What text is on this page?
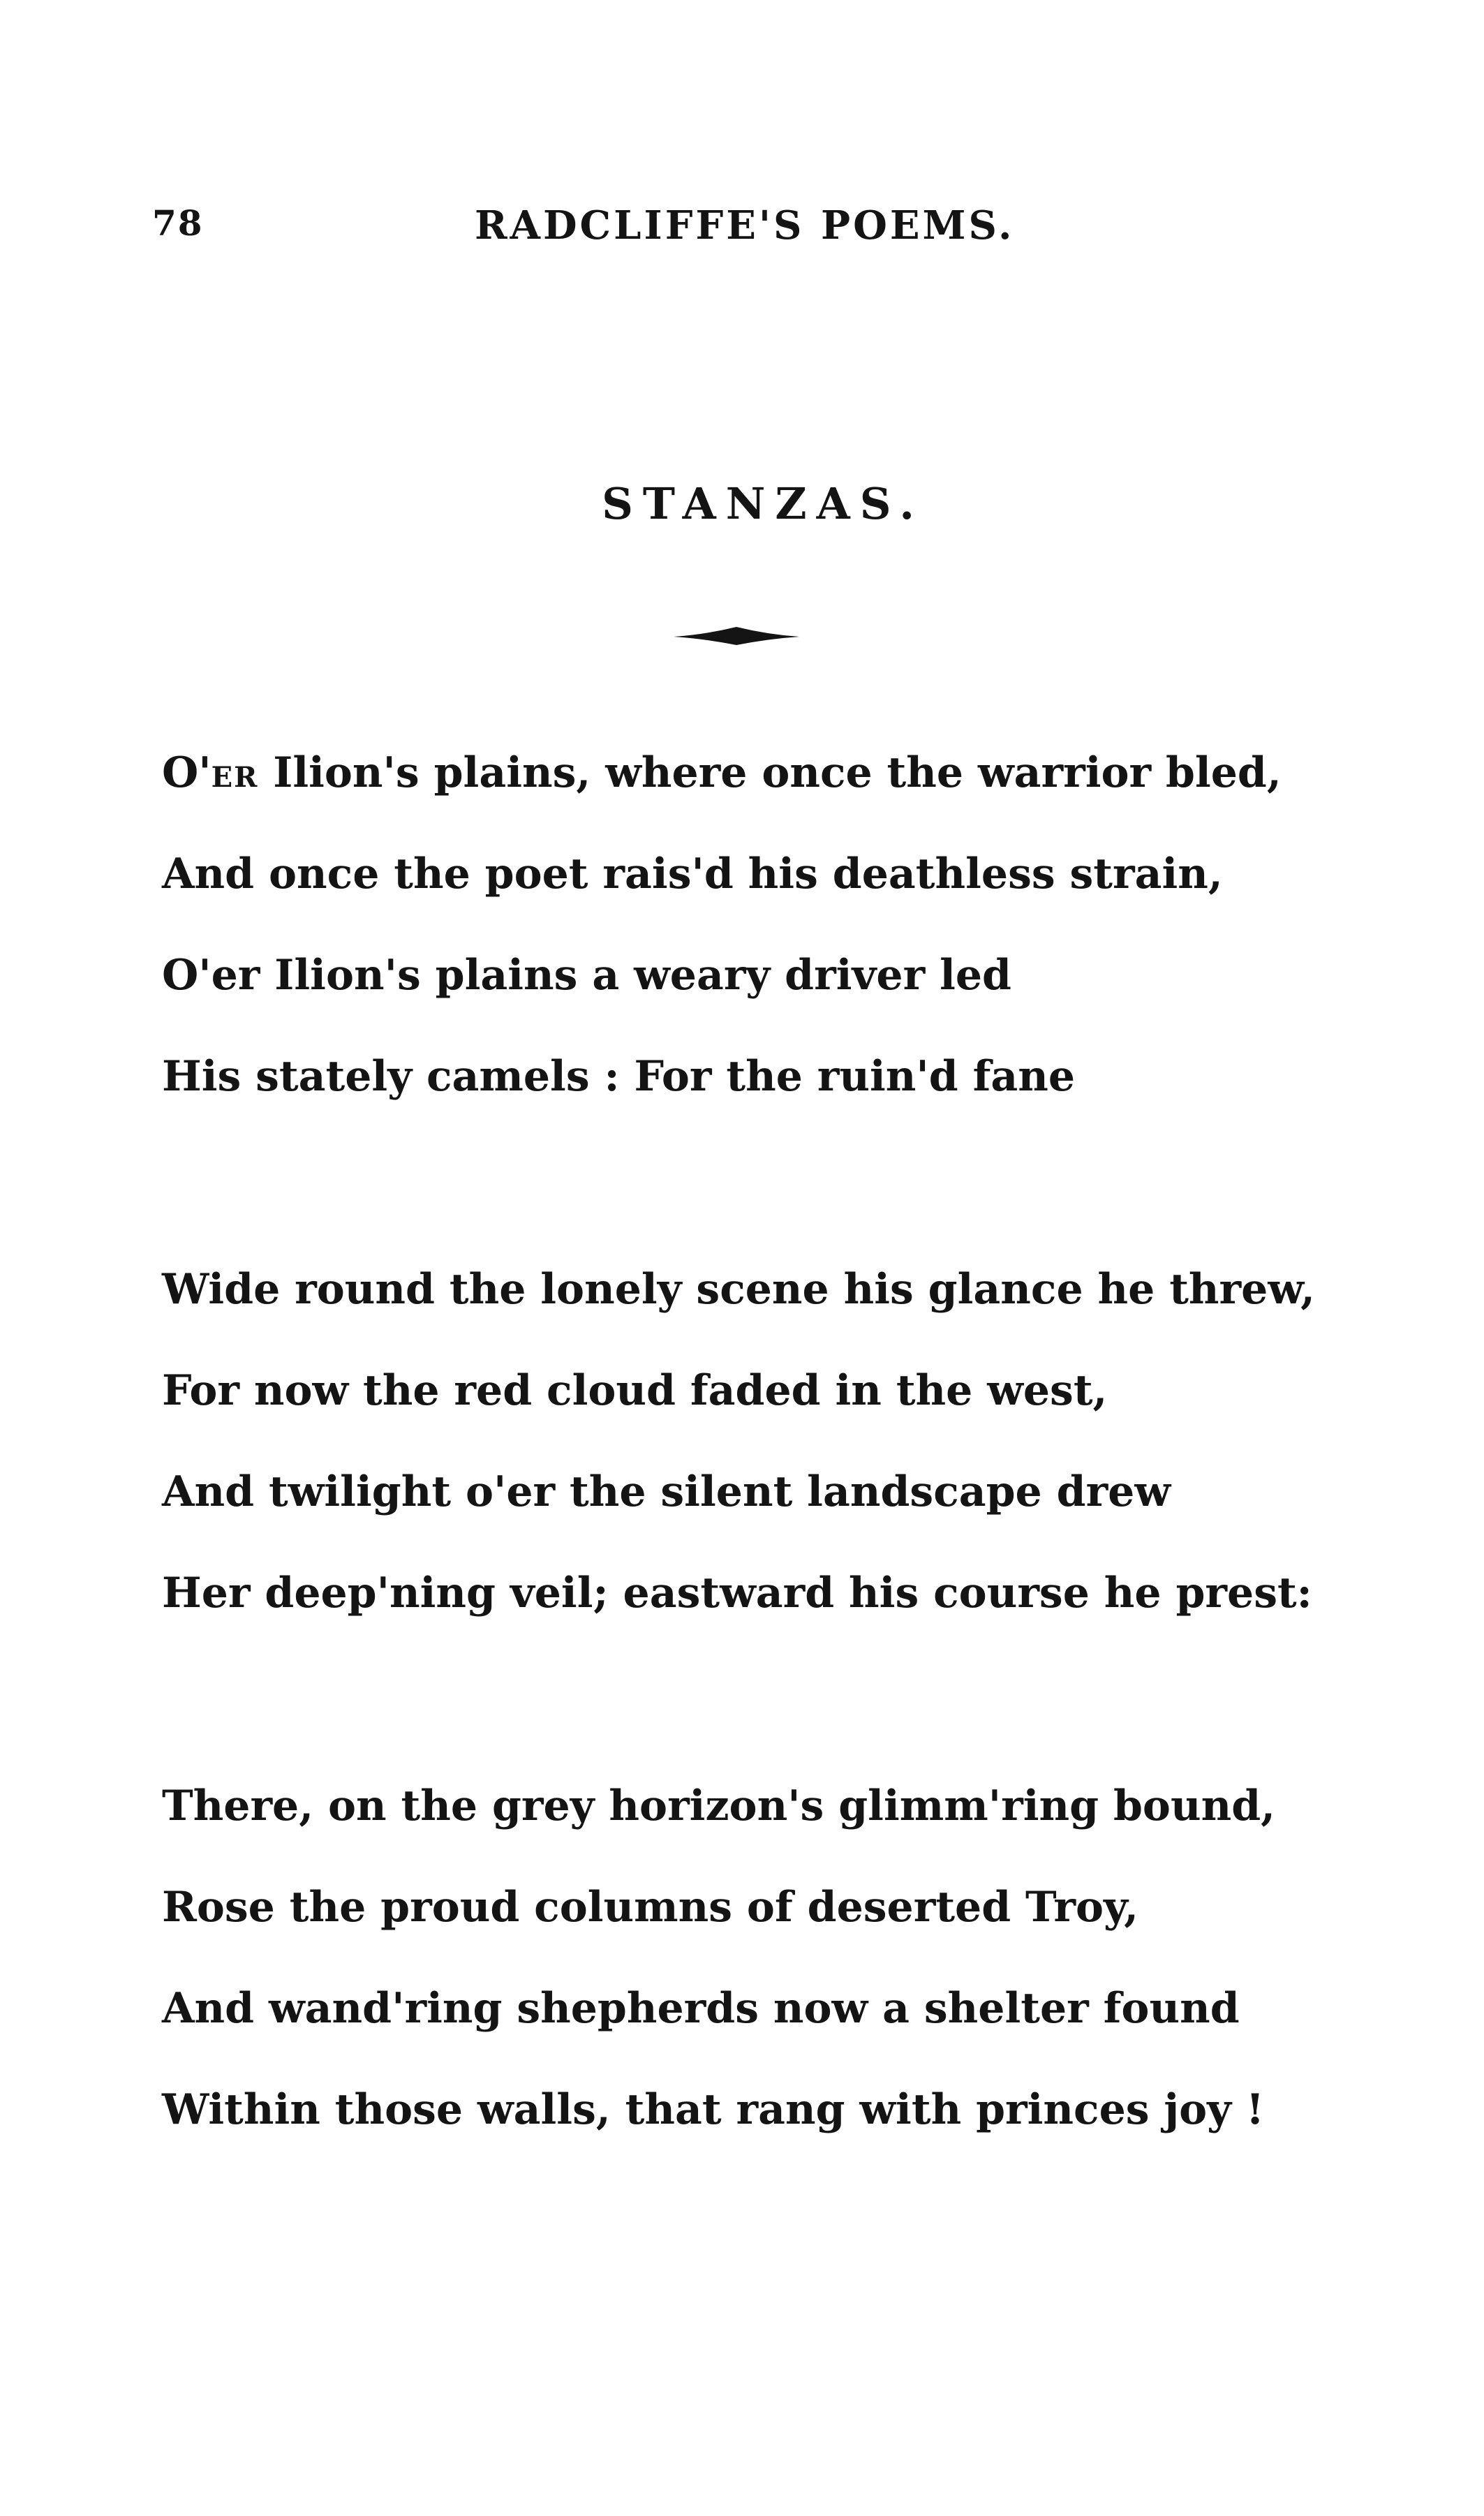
78	RADCLIFFE'S POEMS.
STANZAS.
O'ER Ilion's plains, where once the warrior bled,
And once the poet rais'd his deathless strain,
O'er Ilion's plains a weary driver led
His stately camels : For the ruin'd fane
Wide round the lonely scene his glance he threw,
For now the red cloud faded in the west,
And twilight o'er the silent landscape drew
Her deep'ning veil; eastward his course he prest:
There, on the grey horizon's glimm'ring bound,
Rose the proud columns of deserted Troy,
And wand'ring shepherds now a shelter found
Within those walls, that rang with princes joy !
